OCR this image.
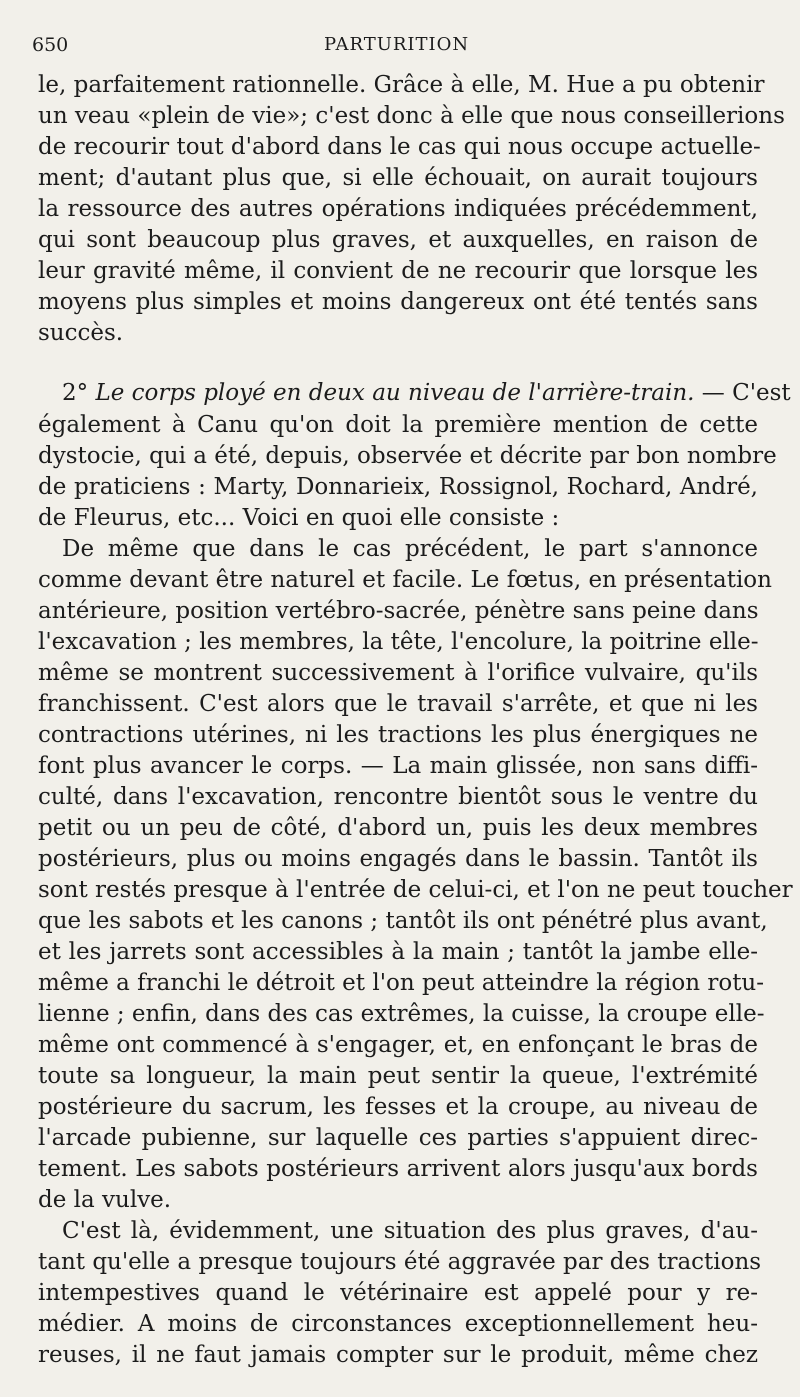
650	PARTURITION
le, parfaitement rationnelle. Grâce à elle, M. Hue a pu obtenir
un veau «plein de vie»; c'est donc à elle que nous conseillerions
de recourir tout d'abord dans le cas qui nous occupe actuelle-
ment; d'autant plus que, si elle échouait, on aurait toujours
la ressource des autres opérations indiquées précédemment,
qui sont beaucoup plus graves, et auxquelles, en raison de
leur gravité même, il convient de ne recourir que lorsque les
moyens plus simples et moins dangereux ont été tentés sans
succès.
2° Le corps ployé en deux au niveau de l'arrière-train. — C'est
également à Canu qu'on doit la première mention de cette
dystocie, qui a été, depuis, observée et décrite par bon nombre
de praticiens : Marty, Donnarieix, Rossignol, Rochard, André,
de Fleurus, etc... Voici en quoi elle consiste :
De même que dans le cas précédent, le part s'annonce
comme devant être naturel et facile. Le fœtus, en présentation
antérieure, position vertébro-sacrée, pénètre sans peine dans
l'excavation ; les membres, la tête, l'encolure, la poitrine elle-
même se montrent successivement à l'orifice vulvaire, qu'ils
franchissent. C'est alors que le travail s'arrête, et que ni les
contractions utérines, ni les tractions les plus énergiques ne
font plus avancer le corps. — La main glissée, non sans diffi-
culté, dans l'excavation, rencontre bientôt sous le ventre du
petit ou un peu de côté, d'abord un, puis les deux membres
postérieurs, plus ou moins engagés dans le bassin. Tantôt ils
sont restés presque à l'entrée de celui-ci, et l'on ne peut toucher
que les sabots et les canons ; tantôt ils ont pénétré plus avant,
et les jarrets sont accessibles à la main ; tantôt la jambe elle-
même a franchi le détroit et l'on peut atteindre la région rotu-
lienne ; enfin, dans des cas extrêmes, la cuisse, la croupe elle-
même ont commencé à s'engager, et, en enfonçant le bras de
toute sa longueur, la main peut sentir la queue, l'extrémité
postérieure du sacrum, les fesses et la croupe, au niveau de
l'arcade pubienne, sur laquelle ces parties s'appuient direc-
tement. Les sabots postérieurs arrivent alors jusqu'aux bords
de la vulve.
C'est là, évidemment, une situation des plus graves, d'au-
tant qu'elle a presque toujours été aggravée par des tractions
intempestives quand le vétérinaire est appelé pour y re-
médier. A moins de circonstances exceptionnellement heu-
reuses, il ne faut jamais compter sur le produit, même chez
